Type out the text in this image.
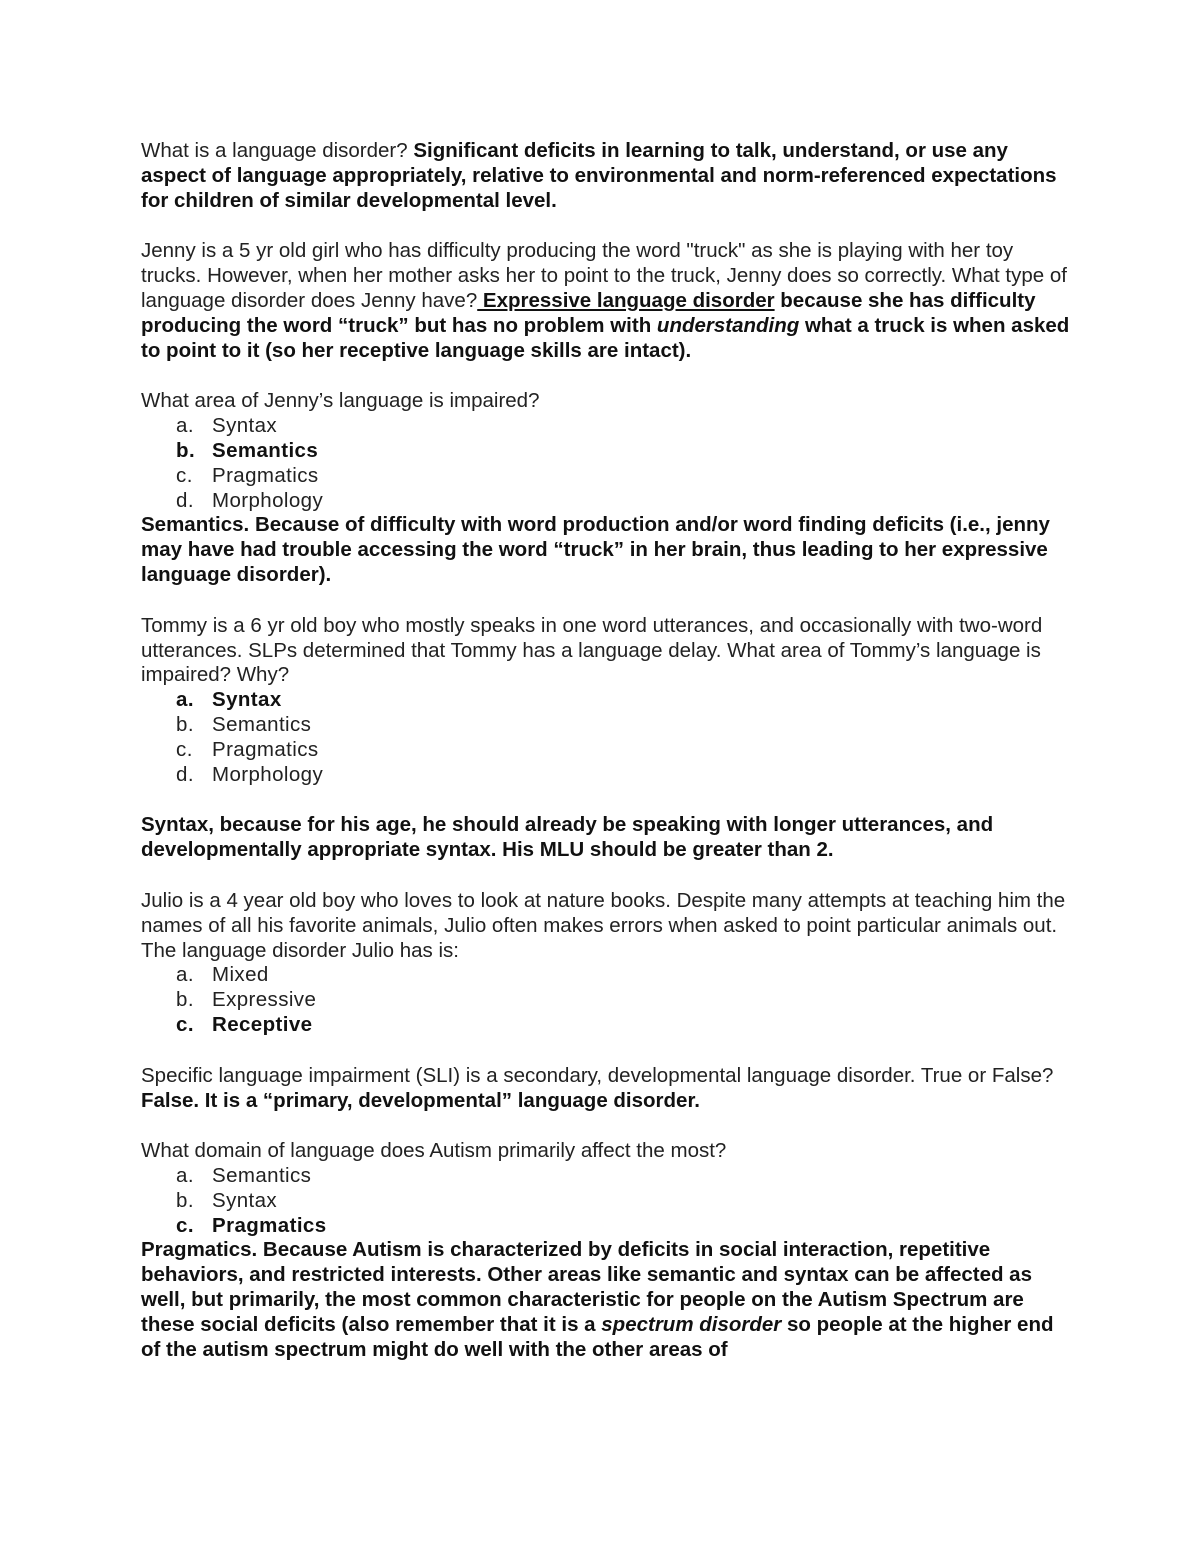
What is a language disorder? Significant deficits in learning to talk, understand, or use any aspect of language appropriately, relative to environmental and norm-referenced expectations for children of similar developmental level.

Jenny is a 5 yr old girl who has difficulty producing the word "truck" as she is playing with her toy trucks. However, when her mother asks her to point to the truck, Jenny does so correctly. What type of language disorder does Jenny have? Expressive language disorder because she has difficulty producing the word “truck” but has no problem with understanding what a truck is when asked to point to it (so her receptive language skills are intact).

What area of Jenny’s language is impaired?

a. Syntax
b. Semantics
c. Pragmatics
d. Morphology

Semantics. Because of difficulty with word production and/or word finding deficits (i.e., jenny may have had trouble accessing the word “truck” in her brain, thus leading to her expressive language disorder).

Tommy is a 6 yr old boy who mostly speaks in one word utterances, and occasionally with two-word utterances. SLPs determined that Tommy has a language delay. What area of Tommy’s language is impaired? Why?

a. Syntax
b. Semantics
c. Pragmatics
d. Morphology

Syntax, because for his age, he should already be speaking with longer utterances, and developmentally appropriate syntax. His MLU should be greater than 2.

Julio is a 4 year old boy who loves to look at nature books. Despite many attempts at teaching him the names of all his favorite animals, Julio often makes errors when asked to point particular animals out. The language disorder Julio has is:

a. Mixed
b. Expressive
c. Receptive

Specific language impairment (SLI) is a secondary, developmental language disorder. True or False? False. It is a “primary, developmental” language disorder.

What domain of language does Autism primarily affect the most?

a. Semantics
b. Syntax
c. Pragmatics

Pragmatics. Because Autism is characterized by deficits in social interaction, repetitive behaviors, and restricted interests. Other areas like semantic and syntax can be affected as well, but primarily, the most common characteristic for people on the Autism Spectrum are these social deficits (also remember that it is a spectrum disorder so people at the higher end of the autism spectrum might do well with the other areas of
